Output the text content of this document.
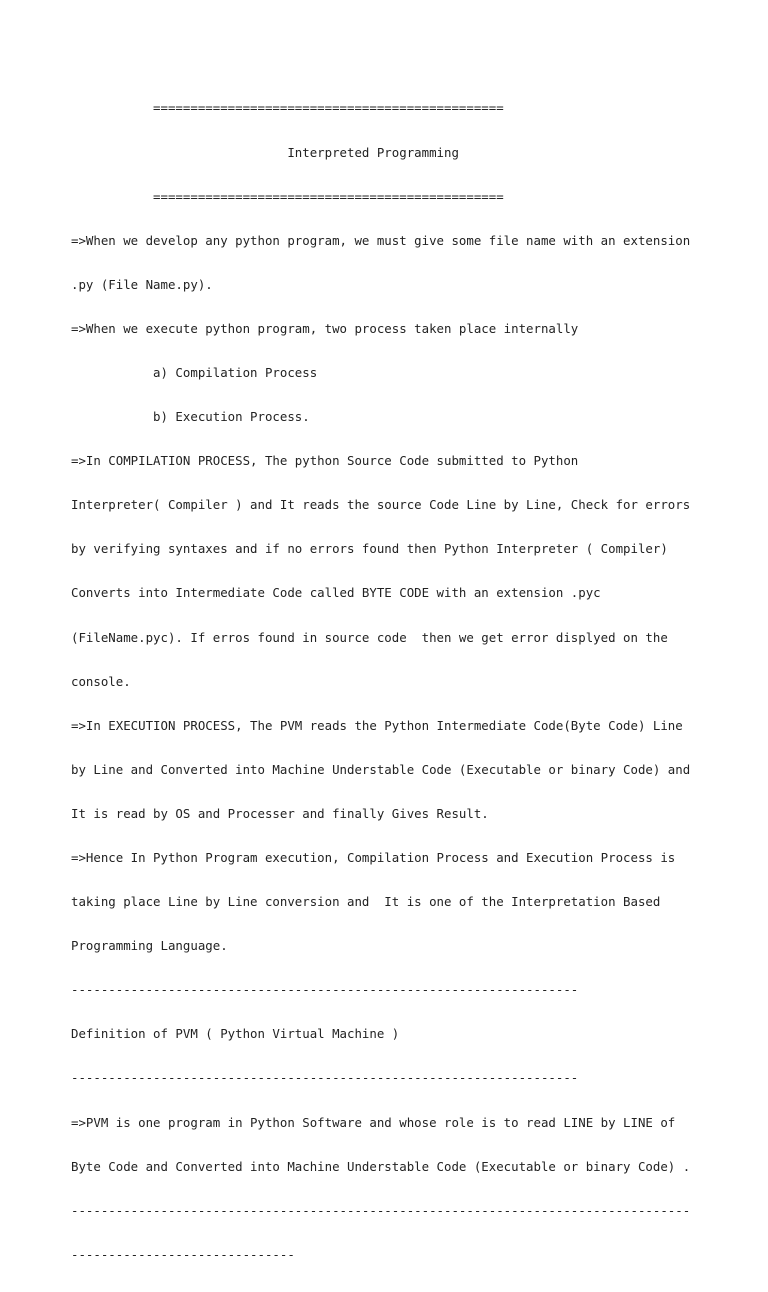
===============================================

Interpreted Programming

===============================================

=>When we develop any python program, we must give some file name with an extension

.py (File Name.py).

=>When we execute python program, two process taken place internally

a) Compilation Process

b) Execution Process.

=>In COMPILATION PROCESS, The python Source Code submitted to Python

Interpreter( Compiler ) and It reads the source Code Line by Line, Check for errors

by verifying syntaxes and if no errors found then Python Interpreter ( Compiler)

Converts into Intermediate Code called BYTE CODE with an extension .pyc

(FileName.pyc). If erros found in source code  then we get error displyed on the

console.

=>In EXECUTION PROCESS, The PVM reads the Python Intermediate Code(Byte Code) Line

by Line and Converted into Machine Understable Code (Executable or binary Code) and

It is read by OS and Processer and finally Gives Result.

=>Hence In Python Program execution, Compilation Process and Execution Process is

taking place Line by Line conversion and  It is one of the Interpretation Based

Programming Language.

--------------------------------------------------------------------

Definition of PVM ( Python Virtual Machine )

--------------------------------------------------------------------

=>PVM is one program in Python Software and whose role is to read LINE by LINE of

Byte Code and Converted into Machine Understable Code (Executable or binary Code) .

-----------------------------------------------------------------------------------

------------------------------
